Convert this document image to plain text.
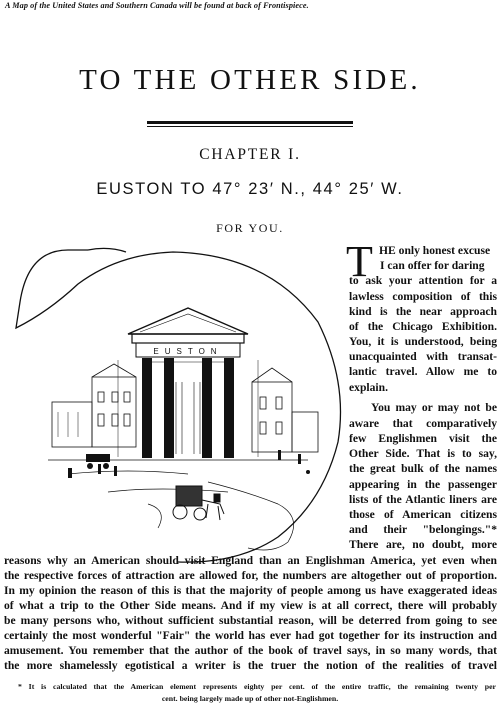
A Map of the United States and Southern Canada will be found at back of Frontispiece.
TO THE OTHER SIDE.
CHAPTER I.
EUSTON TO 47° 23′ N., 44° 25′ W.
FOR YOU.
EUSTON
T HE only honest excuse
I can offer for daring
to ask your attention for a
lawless composition of this
kind is the near approach
of the Chicago Exhibition.
You, it is understood, being
unacquainted with transat-
lantic travel. Allow me to
explain.
You may or may not be
aware that comparatively
few Englishmen visit the
Other Side. That is to say,
the great bulk of the names
appearing in the passenger
lists of the Atlantic liners are
those of American citizens
and their "belongings."*
There are, no doubt, more
reasons why an American should visit England than an Englishman America, yet even when
the respective forces of attraction are allowed for, the numbers are altogether out of proportion.
In my opinion the reason of this is that the majority of people among us have exaggerated ideas
of what a trip to the Other Side means. And if my view is at all correct, there will probably
be many persons who, without sufficient substantial reason, will be deterred from going to see
certainly the most wonderful "Fair" the world has ever had got together for its instruction and
amusement. You remember that the author of the book of travel says, in so many words, that
the more shamelessly egotistical a writer is the truer the notion of the realities of travel
* It is calculated that the American element represents eighty per cent. of the entire traffic, the remaining twenty per
cent. being largely made up of other not-Englishmen.
